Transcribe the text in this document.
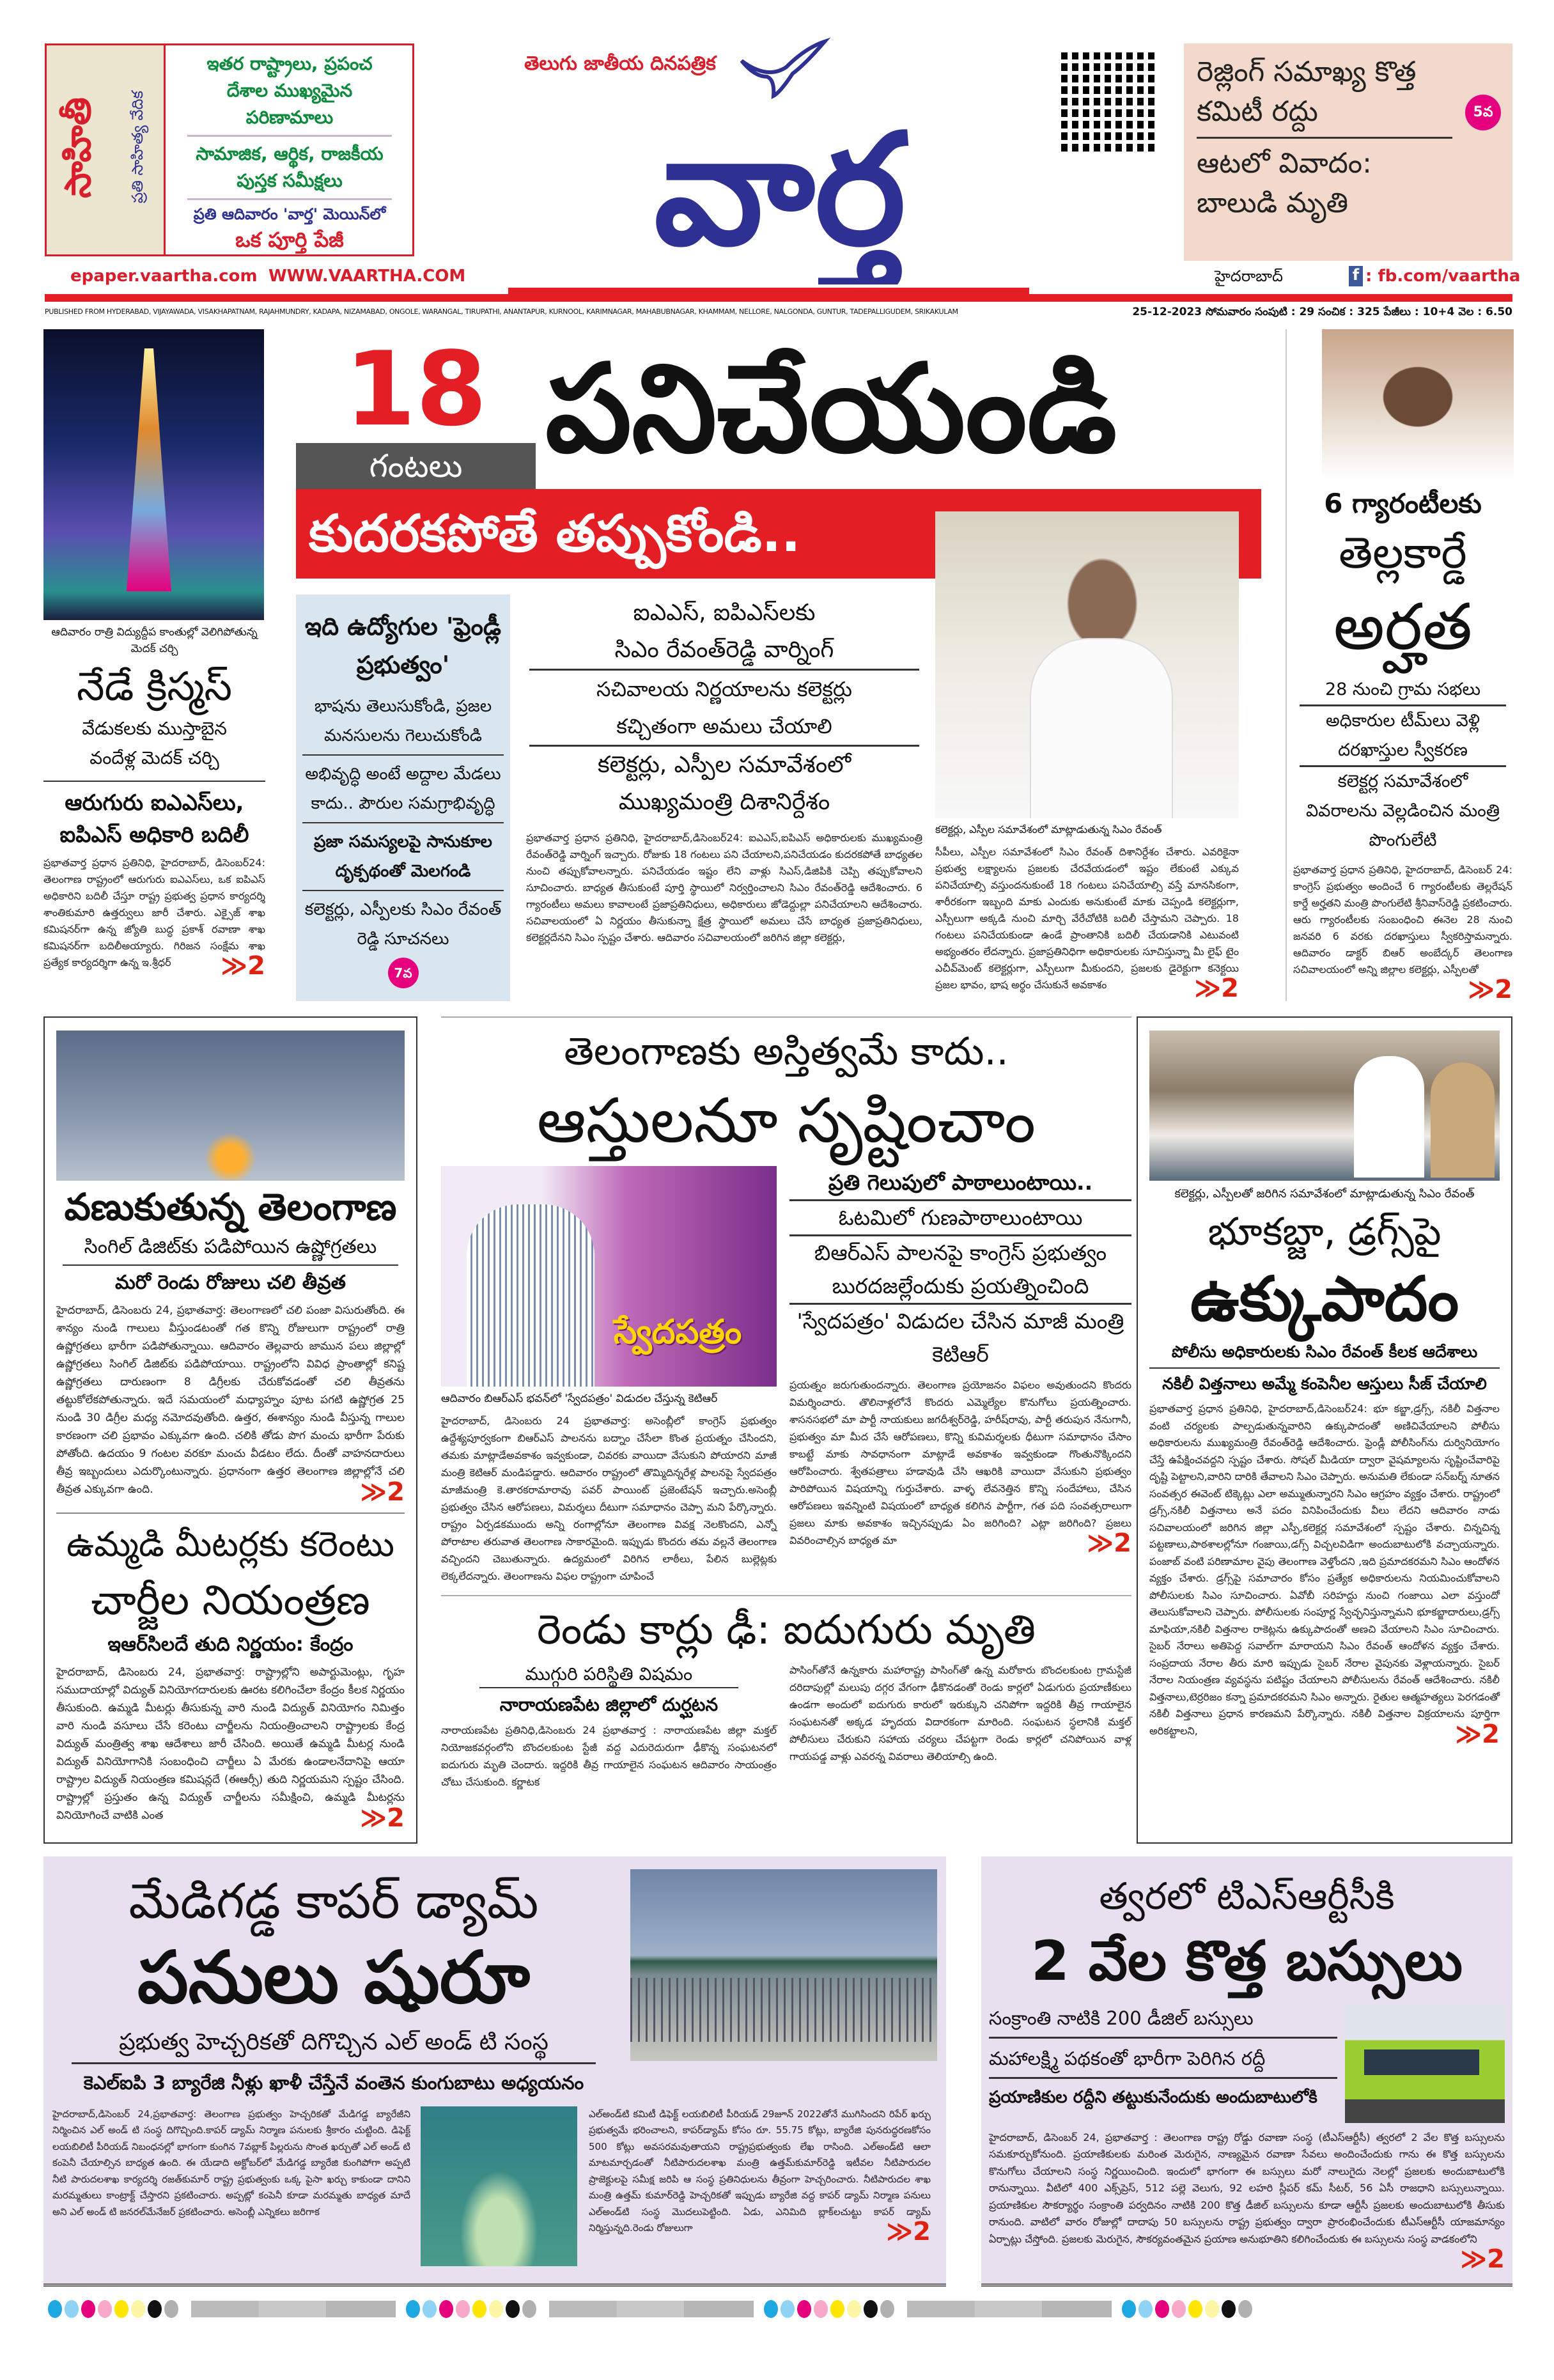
సాహితీ ప్రతి సాహిత్య వేదిక
ఇతర రాష్ట్రాలు, ప్రపంచ దేశాల ముఖ్యమైన పరిణామాలు
సామాజిక, ఆర్థిక, రాజకీయ పుస్తక సమీక్షలు
ప్రతి ఆదివారం 'వార్త' మెయిన్‌లో
ఒక పూర్తి పేజీ
తెలుగు జాతీయ దినపత్రిక
వార్త
రెజ్లింగ్ సమాఖ్య కొత్త కమిటీ రద్దు	5వ
ఆటలో వివాదం:
బాలుడి మృతి
epaper.vaartha.com WWW.VAARTHA.COM	హైదరాబాద్	f : fb.com/vaartha
PUBLISHED FROM HYDERABAD, VIJAYAWADA, VISAKHAPATNAM, RAJAHMUNDRY, KADAPA, NIZAMABAD, ONGOLE, WARANGAL, TIRUPATHI, ANANTAPUR, KURNOOL, KARIMNAGAR, MAHABUBNAGAR, KHAMMAM, NELLORE, NALGONDA, GUNTUR, TADEPALLIGUDEM, SRIKAKULAM	25-12-2023 సోమవారం సంపుటి : 29 సంచిక : 325 పేజీలు : 10+4 వెల : 6.50
ఆదివారం రాత్రి విద్యుద్దీప కాంతుల్లో వెలిగిపోతున్న మెదక్ చర్చి
నేడే క్రిస్మస్
వేడుకలకు ముస్తాబైన వందేళ్ల మెదక్ చర్చి
ఆరుగురు ఐఎఎస్‌లు, ఐపిఎస్ అధికారి బదిలీ
ప్రభాతవార్త ప్రధాన ప్రతినిధి, హైదరాబాద్, డిసెంబర్24: తెలంగాణ రాష్ట్రంలో ఆరుగురు ఐఎఎస్‌లు, ఒక ఐపిఎస్ అధికారిని బదిలీ చేస్తూ రాష్ట్ర ప్రభుత్వ ప్రధాన కార్యదర్శి శాంతికుమారి ఉత్తర్వులు జారీ చేశారు. ఎక్సైజ్ శాఖ కమిషనర్‌గా ఉన్న జ్యోతి బుద్ధ ప్రకాశ్ రవాణా శాఖ కమిషనర్‌గా బదిలీఅయ్యారు. గిరిజన సంక్షేమ శాఖ ప్రత్యేక కార్యదర్శిగా ఉన్న ఇ.శ్రీధర్ ≫2
18
గంటలు పనిచేయండి
కుదరకపోతే తప్పుకోండి..
ఇది ఉద్యోగుల 'ఫ్రెండ్లీ ప్రభుత్వం'
భాషను తెలుసుకోండి, ప్రజల మనసులను గెలుచుకోండి
అభివృద్ధి అంటే అద్దాల మేడలు కాదు.. పౌరుల సమగ్రాభివృద్ధి
ప్రజా సమస్యలపై సానుకూల దృక్పథంతో మెలగండి
కలెక్టర్లు, ఎస్పీలకు సిఎం రేవంత్ రెడ్డి సూచనలు
7వ
ఐఎఎస్, ఐపిఎస్‌లకు
సిఎం రేవంత్‌రెడ్డి వార్నింగ్
సచివాలయ నిర్ణయాలను కలెక్టర్లు
కచ్చితంగా అమలు చేయాలి
కలెక్టర్లు, ఎస్పీల సమావేశంలో
ముఖ్యమంత్రి దిశానిర్దేశం
ప్రభాతవార్త ప్రధాన ప్రతినిధి, హైదరాబాద్,డిసెంబర్24: ఐఎఎస్,ఐపిఎస్ అధికారులకు ముఖ్యమంత్రి రేవంత్‌రెడ్డి వార్నింగ్ ఇచ్చారు. రోజుకు 18 గంటలు పని చేయాలని,పనిచేయడం కుదరకపోతే బాధ్యతల నుంచి తప్పుకోవాలన్నారు. పనిచేయడం ఇష్టం లేని వాళ్లు సిఎస్,డిజిపికి చెప్పి తప్పుకోవాలని సూచించారు. బాధ్యత తీసుకుంటే పూర్తి స్థాయిలో నిర్వర్తించాలని సిఎం రేవంత్‌రెడ్డి ఆదేశించారు. 6 గ్యారంటీలు అమలు కావాలంటే ప్రజాప్రతినిధులు, అధికారులు జోడెద్దుల్లా పనిచేయాలని ఆదేశించారు. సచివాలయంలో ఏ నిర్ణయం తీసుకున్నా క్షేత్ర స్థాయిలో అమలు చేసే బాధ్యత ప్రజాప్రతినిధులు, కలెక్టర్లదేనని సిఎం స్పష్టం చేశారు. ఆదివారం సచివాలయంలో జరిగిన జిల్లా కలెక్టర్లు,
కలెక్టర్లు, ఎస్పీల సమావేశంలో మాట్లాడుతున్న సిఎం రేవంత్
సీపీలు, ఎస్పీల సమావేశంలో సిఎం రేవంత్ దిశానిర్దేశం చేశారు. ఎవరికైనా ప్రభుత్వ లక్ష్యాలను ప్రజలకు చేరవేయడంలో ఇష్టం లేకుంటే ఎక్కువ పనిచేయాల్సి వస్తుందనుకుంటే 18 గంటలు పనిచేయాల్సి వస్తే మానసికంగా, శారీరకంగా ఇబ్బంది మాకు ఎందుకు అనుకుంటే మాకు చెప్పండి కలెక్టర్లుగా, ఎస్పీలుగా అక్కడి నుంచి మార్చి వేరేచోటికి బదిలీ చేస్తామని చెప్పారు. 18 గంటలు పనిచేయకుండా ఉండే ప్రాంతానికి బదిలీ చేయడానికి ఎటువంటి అభ్యంతరం లేదన్నారు. ప్రజాప్రతినిధిగా అధికారులకు సూచిస్తున్నా మీ లైఫ్ టైం ఎచీవ్‌మెంట్ కలెక్టర్లుగా, ఎస్పీలుగా మీకుందని, ప్రజలకు డైరెక్టుగా కనెక్టయి ప్రజల భావం, భాష అర్థం చేసుకునే అవకాశం	≫2
6 గ్యారంటీలకు
తెల్లకార్డే
అర్హత
28 నుంచి గ్రామ సభలు
అధికారుల టీమ్‌లు వెళ్లి దరఖాస్తుల స్వీకరణ
కలెక్టర్ల సమావేశంలో వివరాలను వెల్లడించిన మంత్రి పొంగులేటి
ప్రభాతవార్త ప్రధాన ప్రతినిధి, హైదరాబాద్, డిసెంబర్ 24: కాంగ్రెస్ ప్రభుత్వం అందించే 6 గ్యారంటీలకు తెల్లరేషన్ కార్డే అర్హతని మంత్రి పొంగులేటి శ్రీనివాస్‌రెడ్డి ప్రకటించారు. ఆరు గ్యారంటీలకు సంబంధించి ఈనెల 28 నుంచి జనవరి 6 వరకు దరఖాస్తులు స్వీకరిస్తామన్నారు. ఆదివారం డాక్టర్ బిఆర్ అంబేద్కర్ తెలంగాణ సచివాలయంలో అన్ని జిల్లాల కలెక్టర్లు, ఎస్పీలతో
≫2
వణుకుతున్న తెలంగాణ
సింగిల్ డిజిట్‌కు పడిపోయిన ఉష్ణోగ్రతలు
మరో రెండు రోజులు చలి తీవ్రత
హైదరాబాద్, డిసెంబరు 24, ప్రభాతవార్త: తెలంగాణలో చలి పంజా విసురుతోంది. ఈ శాన్యం నుండి గాలులు వీస్తుండటంతో గత కొన్ని రోజులుగా రాష్ట్రంలో రాత్రి ఉష్ణోగ్రతలు భారీగా పడిపోతున్నాయి. ఆదివారం తెల్లవారు జామున పలు జిల్లాల్లో ఉష్ణోగ్రతలు సింగిల్ డిజిట్‌కు పడిపోయాయి. రాష్ట్రంలోని వివిధ ప్రాంతాల్లో కనిష్ట ఉష్ణోగ్రతలు దారుణంగా 8 డిగ్రీలకు చేరుకోవడంతో చలి తీవ్రతను తట్టుకోలేకపోతున్నారు. ఇదే సమయంలో మధ్యాహ్నం పూట పగటి ఉష్ణోగ్రత 25 నుండి 30 డిగ్రీల మధ్య నమోదవుతోంది. ఉత్తర, ఈశాన్యం నుండి వీస్తున్న గాలుల కారణంగా చలి ప్రభావం ఎక్కువగా ఉంది. చలికి తోడు పొగ మంచు భారీగా పేరుకు పోతోంది. ఉదయం 9 గంటల వరకూ మంచు వీడటం లేదు. దీంతో వాహనదారులు తీవ్ర ఇబ్బందులు ఎదుర్కొంటున్నారు. ప్రధానంగా ఉత్తర తెలంగాణ జిల్లాల్లోనే చలి తీవ్రత ఎక్కువగా ఉంది.	≫2
ఉమ్మడి మీటర్లకు కరెంటు
చార్జీల నియంత్రణ
ఇఆర్‌సిలదే తుది నిర్ణయం: కేంద్రం
హైదరాబాద్, డిసెంబరు 24, ప్రభాతవార్త: రాష్ట్రాల్లోని అపార్టుమెంట్లు, గృహ సముదాయాల్లో విద్యుత్ వినియోగదారులకు ఊరట కలిగించేలా కేంద్రం కీలక నిర్ణయం తీసుకుంది. ఉమ్మడి మీటర్లు తీసుకున్న వారి నుండి విద్యుత్ వినియోగం నిమిత్తం వారి నుండి వసూలు చేసే కరెంటు చార్జీలను నియంత్రించాలని రాష్ట్రాలకు కేంద్ర విద్యుత్ మంత్రిత్వ శాఖ ఆదేశాలు జారీ చేసింది. అయితే ఉమ్మడి మీటర్ల నుండి విద్యుత్ వినియోగానికి సంబంధించి చార్జీలు ఏ మేరకు ఉండాలనేదానిపై ఆయా రాష్ట్రాల విద్యుత్ నియంత్రణ కమిషన్లదే (ఈఆర్సీ) తుది నిర్ణయమని స్పష్టం చేసింది. రాష్ట్రాల్లో ప్రస్తుతం ఉన్న విద్యుత్ చార్జీలను సమీక్షించి, ఉమ్మడి మీటర్లను వినియోగించే వాటికి ఎంత	≫2
తెలంగాణకు అస్తిత్వమే కాదు..
ఆస్తులనూ సృష్టించాం
స్వేదపత్రం
ఆదివారం బిఆర్‌ఎస్ భవన్‌లో 'స్వేదపత్రం' విడుదల చేస్తున్న కెటిఆర్
హైదరాబాద్, డిసెంబరు 24 ప్రభాతవార్త: అసెంబ్లీలో కాంగ్రెస్ ప్రభుత్వం ఉద్దేశ్యపూర్వకంగా బిఆర్‌ఎస్ పాలనను బద్నాం చేసేలా కొంత ప్రయత్నం చేసిందని, తమకు మాట్లాడేఅవకాశం ఇవ్వకుండా, చివరకు వాయిదా వేసుకుని పోయారని మాజీ మంత్రి కెటిఆర్ మండిపడ్డారు. ఆదివారం రాష్ట్రంలో తొమ్మిదిన్నరేళ్ల పాలనపై స్వేదపత్రం మాజీమంత్రి కె.తారకరామారావు పవర్ పాయింట్ ప్రజెంటేషన్ ఇచ్చారు.అసెంబ్లీ ప్రభుత్వం చేసిన ఆరోపణలు, విమర్శలు దీటుగా సమాధానం చెప్పా మని పేర్కొన్నారు. రాష్ట్రం ఏర్పడకముందు అన్ని రంగాల్లోనూ తెలంగాణ వివక్ష నెలకొందని, ఎన్నో పోరాటాల తరువాత తెలంగాణ సాకారమైంది. ఇప్పుడు కొందరు తమ వల్లనే తెలంగాణ వచ్చిందని చెబుతున్నారు. ఉద్యమంలో విరిగిన లాఠీలు, పేలిన బుల్లెట్లకు లెక్కలేదన్నారు. తెలంగాణను విఫల రాష్ట్రంగా చూపించే
ప్రతి గెలుపులో పాఠాలుంటాయి..
ఓటమిలో గుణపాఠాలుంటాయి
బిఆర్‌ఎస్ పాలనపై కాంగ్రెస్ ప్రభుత్వం బురదజల్లేందుకు ప్రయత్నించింది
'స్వేదపత్రం' విడుదల చేసిన మాజీ మంత్రి కెటిఆర్
ప్రయత్నం జరుగుతుందన్నారు. తెలంగాణ ప్రయోజనం విఫలం అవుతుందని కొందరు విమర్శించారు. తొలినాళ్లలోనే కొందరు ఎమ్మెల్యేల కొనుగోలు ప్రయత్నించారు. శాసనసభలో మా పార్టీ నాయకులు జగదీశ్వర్‌రెడ్డి, హరీష్‌రావు, పార్టీ తరుపున నేనుగానీ, ప్రభుత్వం మా మీద చేసే ఆరోపణలు, కొన్ని కువిమర్శలకు ధీటుగా సమాధానం చేసాం కాబట్టే మాకు సావధానంగా మాట్లాడే అవకాశం ఇవ్వకుండా గొంతునొక్కిందని ఆరోపించారు. శ్వేతపత్రాలు హడావుడి చేసి ఆఖరికి వాయిదా వేసుకుని ప్రభుత్వం పారిపోయిన విషయాన్ని గుర్తుచేశారు. వాళ్ళ లేవనెత్తిన కొన్ని సందేహాలు, చేసిన ఆరోపణలు ఇవన్నింటి విషయంలో బాధ్యత కలిగిన పార్టీగా, గత పది సంవత్సరాలుగా ప్రజలు మాకు అవకాశం ఇచ్చినప్పుడు ఏం జరిగింది? ఎట్లా జరిగింది? ప్రజలు వివరించాల్సిన బాధ్యత మా	≫2
రెండు కార్లు ఢీ: ఐదుగురు మృతి
ముగ్గురి పరిస్థితి విషమం
నారాయణపేట జిల్లాలో దుర్ఘటన
నారాయణపేట ప్రతినిధి,డిసెంబరు 24 ప్రభాతవార్త : నారాయణపేట జిల్లా మక్తల్ నియోజకవర్గంలోని బొందలకుంట స్టేజీ వద్ద ఎదురెదురుగా ఢీకొన్న సంఘటనలో ఐదుగురు మృతి చెందారు. ఇద్దరికి తీవ్ర గాయాలైన సంఘటన ఆదివారం సాయంత్రం చోటు చేసుకుంది. కర్ణాటక
పాసింగ్‌తోనే ఉన్నకారు మహారాష్ట్ర పాసింగ్‌తో ఉన్న మరోకారు బొందలకుంట గ్రామస్టేజీ దరిదాపుల్లో మలుపు దగ్గర వేగంగా ఢీకొనడంతో రెండు కార్లలో ఏడుగురు ప్రయాణీకులు ఉండగా అందులో ఐదుగురు కారులో ఇరుక్కుని చనిపోగా ఇద్దరికి తీవ్ర గాయాలైన సంఘటనతో అక్కడ హృదయ విదారకంగా మారింది. సంఘటన స్థలానికి మక్తల్ పోలీసులు చేరుకుని సహాయ చర్యలు చేపట్టగా రెండు కార్లలో చనిపోయిన వాళ్ల గాయపడ్డ వాళ్లు ఎవరన్న వివరాలు తెలియాల్సి ఉంది.
కలెక్టర్లు, ఎస్పీలతో జరిగిన సమావేశంలో మాట్లాడుతున్న సిఎం రేవంత్
భూకబ్జా, డ్రగ్స్‌పై
ఉక్కుపాదం
పోలీసు అధికారులకు సిఎం రేవంత్ కీలక ఆదేశాలు
నకిలీ విత్తనాలు అమ్మే కంపెనీల ఆస్తులు సీజ్ చేయాలి
ప్రభాతవార్త ప్రధాన ప్రతినిధి, హైదరాబాద్,డిసెంబర్24: భూ కబ్జా,డ్రగ్స్, నకిలీ విత్తనాల వంటి చర్యలకు పాల్పడుతున్నవారిని ఉక్కుపాదంతో అణిచివేయాలని పోలీసు అధికారులను ముఖ్యమంత్రి రేవంత్‌రెడ్డి ఆదేశించారు. ఫ్రెండ్లీ పోలీసింగ్‌ను దుర్వినియోగం చేస్తే ఉపేక్షించవద్దని స్పష్టం చేశారు. సోషల్ మీడియా ద్వారా వైషమ్యాలను సృష్టించేవారిపై దృష్టి పెట్టాలని,వారిని దారికి తేవాలని సిఎం చెప్పారు. అనుమతి లేకుండా సన్‌బర్న్ నూతన సంవత్సర ఈవెంట్ టిక్కెట్లు ఎలా అమ్ముతున్నారని సిఎం ఆగ్రహం వ్యక్తం చేశారు. రాష్ట్రంలో డ్రగ్స్,నకిలీ విత్తనాలు అనే పదం వినిపించేందుకు వీలు లేదని ఆదివారం నాడు సచివాలయంలో జరిగిన జిల్లా ఎస్పీ,కలెక్టర్ల సమావేశంలో స్పష్టం చేశారు. చిన్నచిన్న పట్టణాలు,పాఠశాలల్లోనూ గంజాయి,డగ్స్ విచ్చలవిడిగా అందుబాటులోకి వచ్చాయన్నారు. పంజాబ్ వంటి పరిణామాల వైపు తెలంగాణ వెళ్తోందని ,ఇది ప్రమాదకరమని సిఎం ఆందోళన వ్యక్తం చేశారు. డ్రగ్స్‌పై సమాచారం కోసం ప్రత్యేక అధికారులను నియమించుకోవాలని పోలీసులకు సిఎం సూచించారు. ఏవోబీ సరిహద్దు నుంచి గంజాయి ఎలా వస్తుందో తెలుసుకోవాలని చెప్పారు. పోలీసులకు సంపూర్ణ స్వేచ్ఛనిస్తున్నామని భూకబ్జాదారులు,డ్రగ్స్ మాఫియా,నకిలీ విత్తనాల రాకెట్లను ఉక్కుపాదంతో అణచి వేయాలని సిఎం సూచించారు. సైబర్ నేరాలు అతిపెద్ద సవాల్‌గా మారాయని సిఎం రేవంత్ ఆందోళన వ్యక్తం చేశారు. సంప్రదాయ నేరాల తీరు మారి ఇప్పుడు సైబర్ నేరాల వైపునకు వెళ్లాయన్నారు. సైబర్ నేరాల నియంత్రణ వ్యవస్థను పటిష్టం చేయాలని పోలీసులను రేవంత్ ఆదేశించారు. నకిలీ విత్తనాలు,టెర్రరిజం కన్నా ప్రమాదకరమని సిఎం అన్నారు. రైతుల ఆత్మహత్యలు పెరగడంతో నకిలీ విత్తనాలు ప్రధాన కారణమని పేర్కొన్నారు. నకిలీ విత్తనాల విక్రయాలను పూర్తిగా అరికట్టాలని,	≫2
మేడిగడ్డ కాపర్ డ్యామ్
పనులు షురూ
ప్రభుత్వ హెచ్చరికతో దిగొచ్చిన ఎల్ అండ్ టి సంస్థ
కెఎల్‌ఐపి 3 బ్యారేజి నీళ్లు ఖాళీ చేస్తేనే వంతెన కుంగుబాటు అధ్యయనం
హైదరాబాద్,డిసెంబర్ 24,ప్రభాతవార్త: తెలంగాణ ప్రభుత్వం హెచ్చరికతో మేడిగడ్డ బ్యారేజీని నిర్మించిన ఎల్ అండ్ టి సంస్థ దిగొచ్చింది.కాపర్ డ్యామ్ నిర్మాణ పనులకు శ్రీకారం చుట్టింది. డిఫెక్ట్ లయబిలిటీ పీరియడ్ నిబంధనల్లో భాగంగా కుంగిన 7వబ్లాక్ పిల్లరును సొంత ఖర్చుతో ఎల్ అండ్ టి కంపెనీ చేయాల్సిన బాధ్యత ఉంది. ఈ యేడాది అక్టోబర్‌లో మేడిగడ్డ బ్యారేజి కుంగిపోగా అప్పటి నీటి పారుదలశాఖ కార్యదర్శి రజత్‌కుమార్ రాష్ట్ర ప్రభుత్వంకు ఒక్క పైసా ఖర్చు కాకుండా దానిని మరమ్మతులు కాంట్రాక్ట్ చేస్తారని ప్రకటించారు. అప్పట్లో కంపెనీ కూడా మరమ్మతు బాధ్యత మాదే అని ఎల్ అండ్ టి జనరల్‌మేనేజర్ ప్రకటించారు. అసెంబ్లీ ఎన్నికలు జరిగాక
ఎల్అండ్‌టి కమిటీ డిఫెక్ట్ లయబిలిటీ పీరియడ్ 29జూన్ 2022తోనే ముగిసిందని రిపేర్ ఖర్చు ప్రభుత్వమే భరించాలని, కాపర్‌డ్యామ్ కోసం రూ. 55.75 కోట్లు, బ్యారేజి పునరుద్ధరణకోసం 500 కోట్లు అవసరమవుతాయని రాష్ట్రప్రభుత్వంకు లేఖ రాసింది. ఎల్అండ్‌టి ఆలా మాటమార్చడంతో నీటిపారుదలశాఖ మంత్రి ఉత్తమ్‌కుమార్‌రెడ్డి ఇటీవల నీటిపారుదల ప్రాజెక్టులపై సమీక్ష జరిపి ఆ సంస్థ ప్రతినిధులను తీవ్రంగా హెచ్చరించారు. నీటిపారుదల శాఖ మంత్రి ఉత్తమ్ కుమార్‌రెడ్డి హెచ్చరికతో ఇప్పుడు బ్యారేజి వద్ద కాపర్ డ్యామ్ నిర్మాణ పనులు ఎల్అండ్‌టి సంస్థ మొదలుపెట్టింది. ఏడు, ఎనిమిది బ్లాక్‌లచుట్టు కాపర్ డ్యామ్ నిర్మిస్తున్నది.రెండు రోజులుగా	≫2
త్వరలో టిఎస్‌ఆర్టీసీకి
2 వేల కొత్త బస్సులు
సంక్రాంతి నాటికి 200 డీజిల్ బస్సులు
మహాలక్ష్మి పథకంతో భారీగా పెరిగిన రద్దీ
ప్రయాణికుల రద్దీని తట్టుకునేందుకు అందుబాటులోకి
హైదరాబాద్, డిసెంబర్ 24, ప్రభాతవార్త : తెలంగాణ రాష్ట్ర రోడ్డు రవాణా సంస్థ (టీఎస్ఆర్టీసీ) త్వరలో 2 వేల కొత్త బస్సులను సమకూర్చుకోనుంది. ప్రయాణికులకు మరింత మెరుగైన, నాణ్యమైన రవాణా సేవలు అందించేందుకు గాను ఈ కొత్త బస్సులను కొనుగోలు చేయాలని సంస్థ నిర్ణయించింది. ఇందులో భాగంగా ఈ బస్సులు మరో నాలుగైదు నెలల్లో ప్రజలకు అందుబాటులోకి రానున్నాయి. వీటిలో 400 ఎక్స్‌ప్రెస్, 512 పల్లె వెలుగు, 92 లహరి స్లీపర్ కమ్ సీటర్, 56 ఏసీ రాజధాని బస్సులున్నాయి. ప్రయాణికుల సౌకర్యార్థం సంక్రాంతి పర్వదినం నాటికి 200 కొత్త డీజిల్ బస్సులను కూడా ఆర్టీసీ ప్రజలకు అందుబాటులోకి తీసుకు రానుంది. వాటిలో వారం రోజుల్లో దాదాపు 50 బస్సులను రాష్ట్ర ప్రభుత్వం ద్వారా ప్రారంభించేందుకు టీఎస్ఆర్టీసీ యాజమాన్యం ఏర్పాట్లు చేస్తోంది. ప్రజలకు మెరుగైన, సౌకర్యవంతమైన ప్రయాణ అనుభూతిని కలిగించేందుకు ఈ బస్సులను సంస్థ వాడకంలోని
≫2
